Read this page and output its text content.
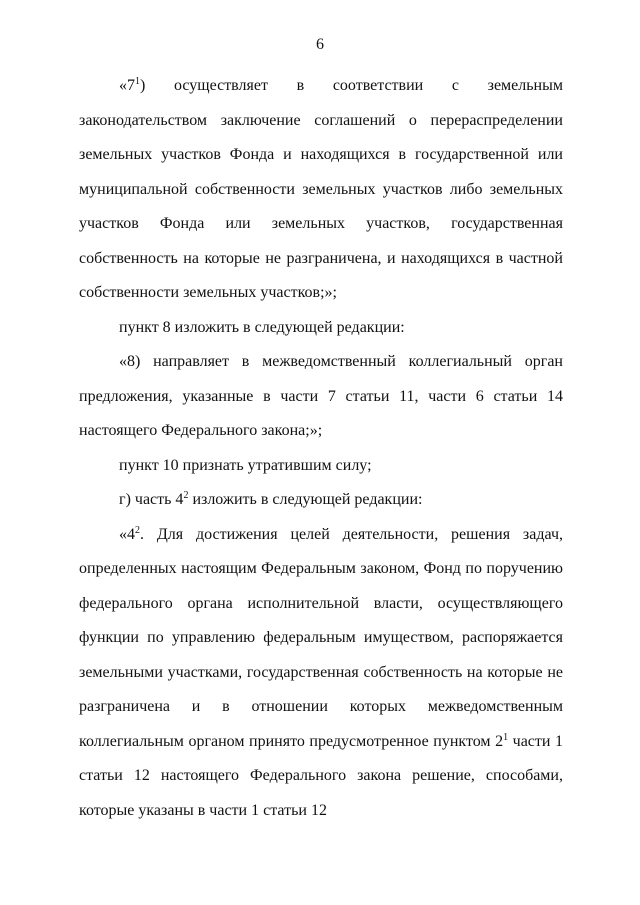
6

«$7^1$) осуществляет в соответствии с земельным законодательством заключение соглашений о перераспределении земельных участков Фонда и находящихся в государственной или муниципальной собственности земельных участков либо земельных участков Фонда или земельных участков, государственная собственность на которые не разграничена, и находящихся в частной собственности земельных участков;»;

пункт 8 изложить в следующей редакции:

«8) направляет в межведомственный коллегиальный орган предложения, указанные в части 7 статьи 11, части 6 статьи 14 настоящего Федерального закона;»;

пункт 10 признать утратившим силу;

г) часть $4^2$ изложить в следующей редакции:

«$4^2$. Для достижения целей деятельности, решения задач, определенных настоящим Федеральным законом, Фонд по поручению федерального органа исполнительной власти, осуществляющего функции по управлению федеральным имуществом, распоряжается земельными участками, государственная собственность на которые не разграничена и в отношении которых межведомственным коллегиальным органом принято предусмотренное пунктом $2^1$ части 1 статьи 12 настоящего Федерального закона решение, способами, которые указаны в части 1 статьи 12
